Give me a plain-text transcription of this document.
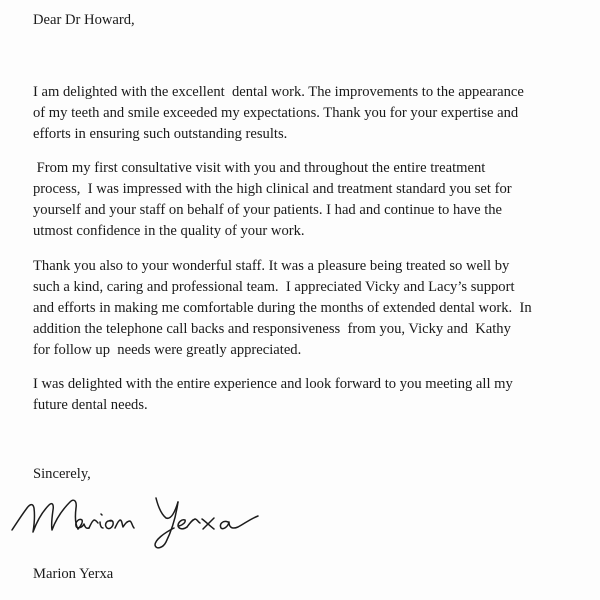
Dear Dr Howard,
I am delighted with the excellent  dental work. The improvements to the appearance
of my teeth and smile exceeded my expectations. Thank you for your expertise and
efforts in ensuring such outstanding results.
From my first consultative visit with you and throughout the entire treatment
process,  I was impressed with the high clinical and treatment standard you set for
yourself and your staff on behalf of your patients. I had and continue to have the
utmost confidence in the quality of your work.
Thank you also to your wonderful staff. It was a pleasure being treated so well by
such a kind, caring and professional team.  I appreciated Vicky and Lacy’s support
and efforts in making me comfortable during the months of extended dental work.  In
addition the telephone call backs and responsiveness  from you, Vicky and  Kathy
for follow up  needs were greatly appreciated.
I was delighted with the entire experience and look forward to you meeting all my
future dental needs.
Sincerely,
Marion Yerxa
